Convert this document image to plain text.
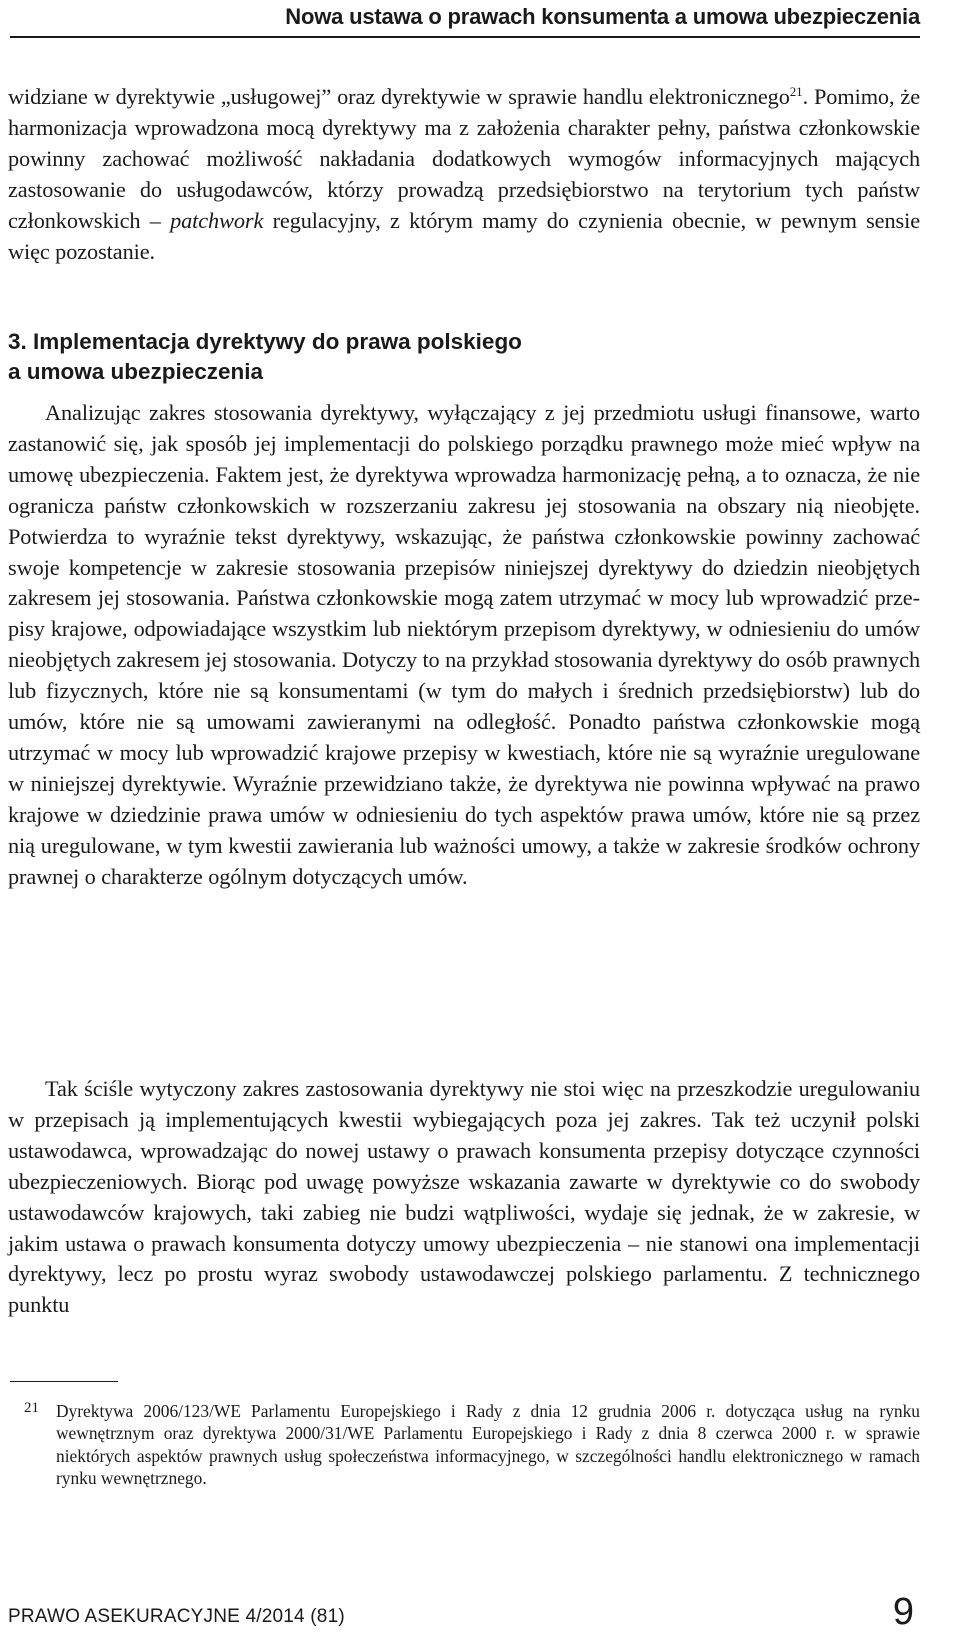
Nowa ustawa o prawach konsumenta a umowa ubezpieczenia

widziane w dyrektywie „usługowej” oraz dyrektywie w sprawie handlu elektronicznego$^{21}$. Pomimo, że harmonizacja wprowadzona mocą dyrektywy ma z założenia charakter pełny, państwa członkowskie powinny zachować możliwość nakładania dodatkowych wymogów informacyjnych mających zastosowanie do usługodawców, którzy prowadzą przedsiębiorstwo na terytorium tych państw członkowskich – patchwork regulacyjny, z którym mamy do czynienia obecnie, w pewnym sensie więc pozostanie.

3. Implementacja dyrektywy do prawa polskiego
a umowa ubezpieczenia

Analizując zakres stosowania dyrektywy, wyłączający z jej przedmiotu usługi finansowe, warto zastanowić się, jak sposób jej implementacji do polskiego porządku prawnego może mieć wpływ na umowę ubezpieczenia. Faktem jest, że dyrektywa wprowadza harmonizację pełną, a to oznacza, że nie ogranicza państw członkowskich w rozszerzaniu zakresu jej stosowania na obszary nią nieobjęte. Potwierdza to wyraźnie tekst dyrektywy, wskazując, że państwa członkowskie powinny zachować swoje kompetencje w zakresie stosowania przepisów niniejszej dyrektywy do dziedzin nieobjętych zakresem jej stosowania. Państwa członkowskie mogą zatem utrzymać w mocy lub wprowadzić przepisy krajowe, odpowiadające wszystkim lub niektórym przepisom dyrektywy, w odniesieniu do umów nieobjętych zakresem jej stosowania. Dotyczy to na przykład stosowania dyrektywy do osób prawnych lub fizycznych, które nie są konsumentami (w tym do małych i średnich przedsiębiorstw) lub do umów, które nie są umowami zawieranymi na odległość. Ponadto państwa członkowskie mogą utrzymać w mocy lub wprowadzić krajowe przepisy w kwestiach, które nie są wyraźnie uregulowane w niniejszej dyrektywie. Wyraźnie przewidziano także, że dyrektywa nie powinna wpływać na prawo krajowe w dziedzinie prawa umów w odniesieniu do tych aspektów prawa umów, które nie są przez nią uregulowane, w tym kwestii zawierania lub ważności umowy, a także w zakresie środków ochrony prawnej o charakterze ogólnym dotyczących umów.

Tak ściśle wytyczony zakres zastosowania dyrektywy nie stoi więc na przeszkodzie uregulowaniu w przepisach ją implementujących kwestii wybiegających poza jej zakres. Tak też uczynił polski ustawodawca, wprowadzając do nowej ustawy o prawach konsumenta przepisy dotyczące czynności ubezpieczeniowych. Biorąc pod uwagę powyższe wskazania zawarte w dyrektywie co do swobody ustawodawców krajowych, taki zabieg nie budzi wątpliwości, wydaje się jednak, że w zakresie, w jakim ustawa o prawach konsumenta dotyczy umowy ubezpieczenia – nie stanowi ona implementacji dyrektywy, lecz po prostu wyraz swobody ustawodawczej polskiego parlamentu. Z technicznego punktu

21 Dyrektywa 2006/123/WE Parlamentu Europejskiego i Rady z dnia 12 grudnia 2006 r. dotycząca usług na rynku wewnętrznym oraz dyrektywa 2000/31/WE Parlamentu Europejskiego i Rady z dnia 8 czerwca 2000 r. w sprawie niektórych aspektów prawnych usług społeczeństwa informacyjnego, w szczególności handlu elektronicznego w ramach rynku wewnętrznego.

PRAWO ASEKURACYJNE 4/2014 (81)	9
